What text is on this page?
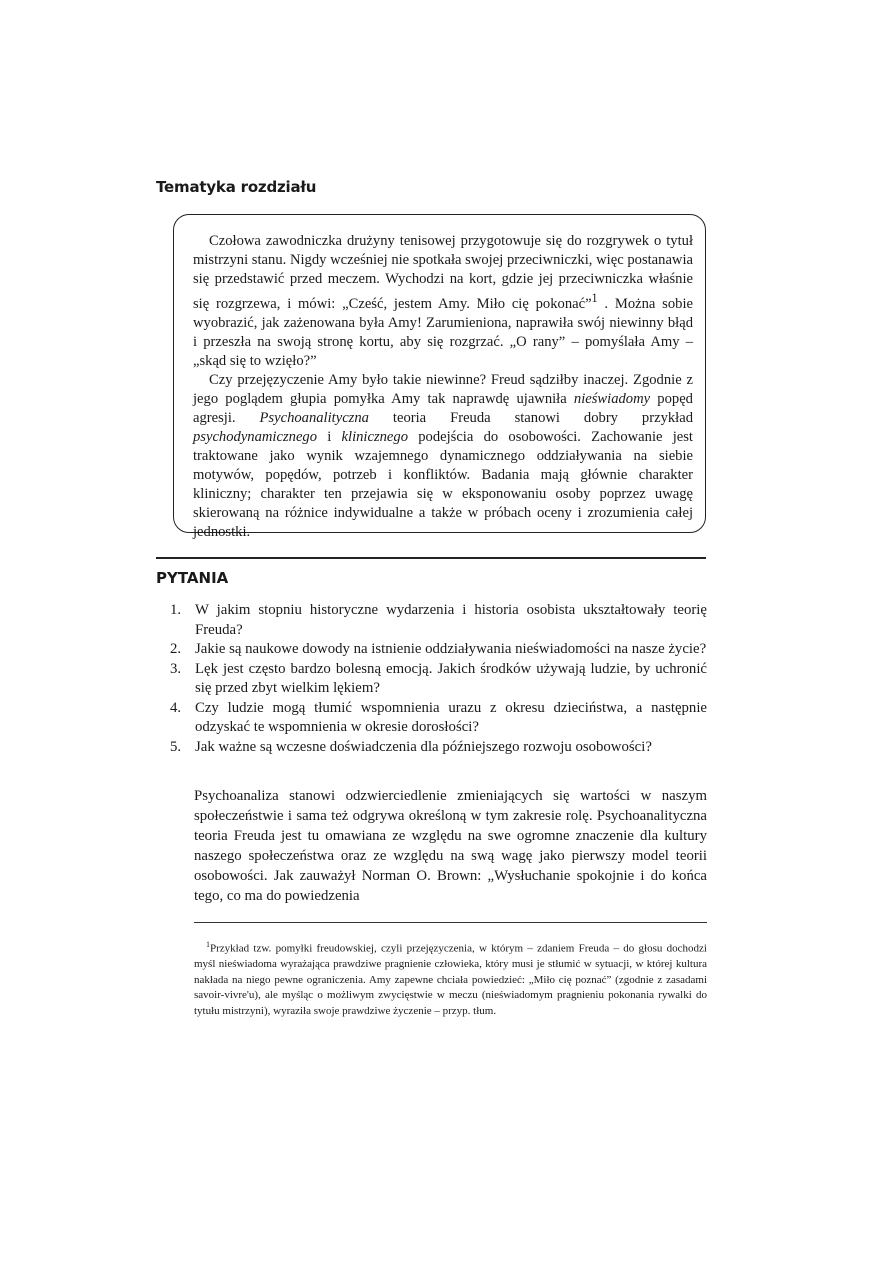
Tematyka rozdziału

Czołowa zawodniczka drużyny tenisowej przygotowuje się do rozgrywek o tytuł mistrzyni stanu. Nigdy wcześniej nie spotkała swojej przeciwniczki, więc postanawia się przedstawić przed meczem. Wychodzi na kort, gdzie jej przeciwniczka właśnie się rozgrzewa, i mówi: „Cześć, jestem Amy. Miło cię pokonać”$^1$ . Można sobie wyobrazić, jak zażenowana była Amy! Zarumieniona, naprawiła swój niewinny błąd i przeszła na swoją stronę kortu, aby się rozgrzać. „O rany” – pomyślała Amy – „skąd się to wzięło?”

Czy przejęzyczenie Amy było takie niewinne? Freud sądziłby inaczej. Zgodnie z jego poglądem głupia pomyłka Amy tak naprawdę ujawniła nieświadomy popęd agresji. Psychoanalityczna teoria Freuda stanowi dobry przykład psychodynamicznego i klinicznego podejścia do osobowości. Zachowanie jest traktowane jako wynik wzajemnego dynamicznego oddziaływania na siebie motywów, popędów, potrzeb i konfliktów. Badania mają głównie charakter kliniczny; charakter ten przejawia się w eksponowaniu osoby poprzez uwagę skierowaną na różnice indywidualne a także w próbach oceny i zrozumienia całej jednostki.

PYTANIA
1. W jakim stopniu historyczne wydarzenia i historia osobista ukształtowały teorię Freuda?
2. Jakie są naukowe dowody na istnienie oddziaływania nieświadomości na nasze życie?
3. Lęk jest często bardzo bolesną emocją. Jakich środków używają ludzie, by uchronić się przed zbyt wielkim lękiem?
4. Czy ludzie mogą tłumić wspomnienia urazu z okresu dzieciństwa, a następnie odzyskać te wspomnienia w okresie dorosłości?
5. Jak ważne są wczesne doświadczenia dla późniejszego rozwoju osobowości?

Psychoanaliza stanowi odzwierciedlenie zmieniających się wartości w naszym społeczeństwie i sama też odgrywa określoną w tym zakresie rolę. Psychoanalityczna teoria Freuda jest tu omawiana ze względu na swe ogromne znaczenie dla kultury naszego społeczeństwa oraz ze względu na swą wagę jako pierwszy model teorii osobowości. Jak zauważył Norman O. Brown: „Wysłuchanie spokojnie i do końca tego, co ma do powiedzenia

$^1$Przykład tzw. pomyłki freudowskiej, czyli przejęzyczenia, w którym – zdaniem Freuda – do głosu dochodzi myśl nieświadoma wyrażająca prawdziwe pragnienie człowieka, który musi je stłumić w sytuacji, w której kultura nakłada na niego pewne ograniczenia. Amy zapewne chciała powiedzieć: „Miło cię poznać” (zgodnie z zasadami savoir-vivre'u), ale myśląc o możliwym zwycięstwie w meczu (nieświadomym pragnieniu pokonania rywalki do tytułu mistrzyni), wyraziła swoje prawdziwe życzenie – przyp. tłum.
